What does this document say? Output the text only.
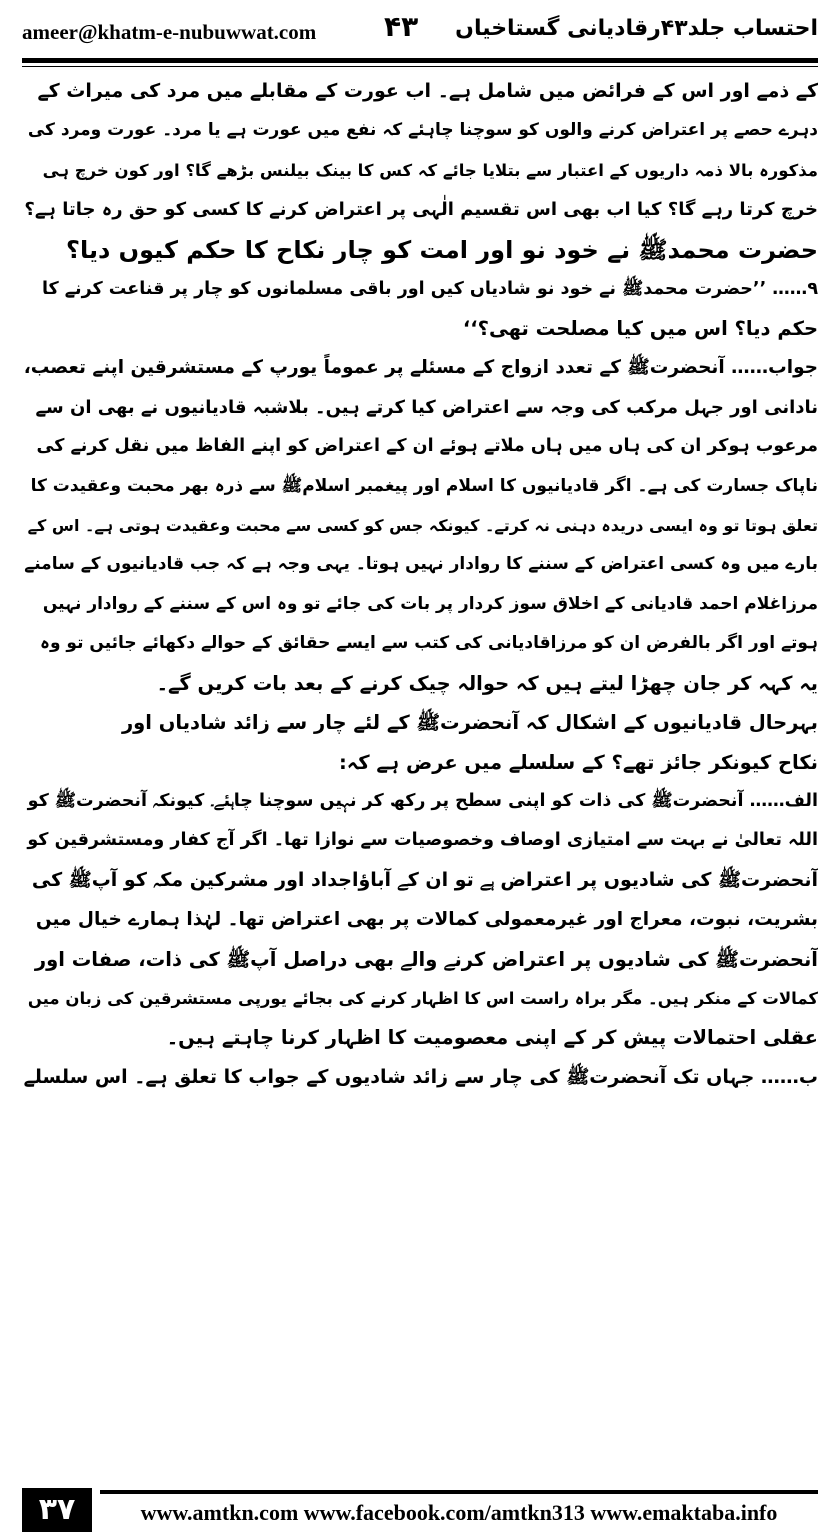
ameer@khatm-e-nubuwwat.com ۴۳ احتساب جلد۴۳رقادیانی گستاخیاں

کے ذمے اور اس کے فرائض میں شامل ہے۔ اب عورت کے مقابلے میں مرد کی میراث کے

دہرے حصے پر اعتراض کرنے والوں کو سوچنا چاہئے کہ نفع میں عورت ہے یا مرد۔ عورت ومرد کی

مذکورہ بالا ذمہ داریوں کے اعتبار سے بتلایا جائے کہ کس کا بینک بیلنس بڑھے گا؟ اور کون خرچ ہی

خرچ کرتا رہے گا؟ کیا اب بھی اس تقسیم الٰہی پر اعتراض کرنے کا کسی کو حق رہ جاتا ہے؟

حضرت محمدﷺ نے خود نو اور امت کو چار نکاح کا حکم کیوں دیا؟

۹…… ’’حضرت محمدﷺ نے خود نو شادیاں کیں اور باقی مسلمانوں کو چار پر قناعت کرنے کا

حکم دیا؟ اس میں کیا مصلحت تھی؟‘‘

جواب…… آنحضرتﷺ کے تعدد ازواج کے مسئلے پر عموماً یورپ کے مستشرقین اپنے تعصب،

نادانی اور جہل مرکب کی وجہ سے اعتراض کیا کرتے ہیں۔ بلاشبہ قادیانیوں نے بھی ان سے

مرعوب ہوکر ان کی ہاں میں ہاں ملاتے ہوئے ان کے اعتراض کو اپنے الفاظ میں نقل کرنے کی

ناپاک جسارت کی ہے۔ اگر قادیانیوں کا اسلام اور پیغمبر اسلامﷺ سے ذرہ بھر محبت وعقیدت کا

تعلق ہوتا تو وہ ایسی دریدہ دہنی نہ کرتے۔ کیونکہ جس کو کسی سے محبت وعقیدت ہوتی ہے۔ اس کے

بارے میں وہ کسی اعتراض کے سننے کا روادار نہیں ہوتا۔ یہی وجہ ہے کہ جب قادیانیوں کے سامنے

مرزاغلام احمد قادیانی کے اخلاق سوز کردار پر بات کی جائے تو وہ اس کے سننے کے روادار نہیں

ہوتے اور اگر بالفرض ان کو مرزاقادیانی کی کتب سے ایسے حقائق کے حوالے دکھائے جائیں تو وہ

یہ کہہ کر جان چھڑا لیتے ہیں کہ حوالہ چیک کرنے کے بعد بات کریں گے۔

بہرحال قادیانیوں کے اشکال کہ آنحضرتﷺ کے لئے چار سے زائد شادیاں اور

نکاح کیونکر جائز تھے؟ کے سلسلے میں عرض ہے کہ:

الف…… آنحضرتﷺ کی ذات کو اپنی سطح پر رکھ کر نہیں سوچنا چاہئے۔ کیونکہ آنحضرتﷺ کو

اللہ تعالیٰ نے بہت سے امتیازی اوصاف وخصوصیات سے نوازا تھا۔ اگر آج کفار ومستشرقین کو

آنحضرتﷺ کی شادیوں پر اعتراض ہے تو ان کے آباؤاجداد اور مشرکین مکہ کو آپﷺ کی

بشریت، نبوت، معراج اور غیرمعمولی کمالات پر بھی اعتراض تھا۔ لہٰذا ہمارے خیال میں

آنحضرتﷺ کی شادیوں پر اعتراض کرنے والے بھی دراصل آپﷺ کی ذات، صفات اور

کمالات کے منکر ہیں۔ مگر براہ راست اس کا اظہار کرنے کی بجائے یورپی مستشرقین کی زبان میں

عقلی احتمالات پیش کر کے اپنی معصومیت کا اظہار کرنا چاہتے ہیں۔

ب…… جہاں تک آنحضرتﷺ کی چار سے زائد شادیوں کے جواب کا تعلق ہے۔ اس سلسلے

۳۷	www.amtkn.com www.facebook.com/amtkn313 www.emaktaba.info
